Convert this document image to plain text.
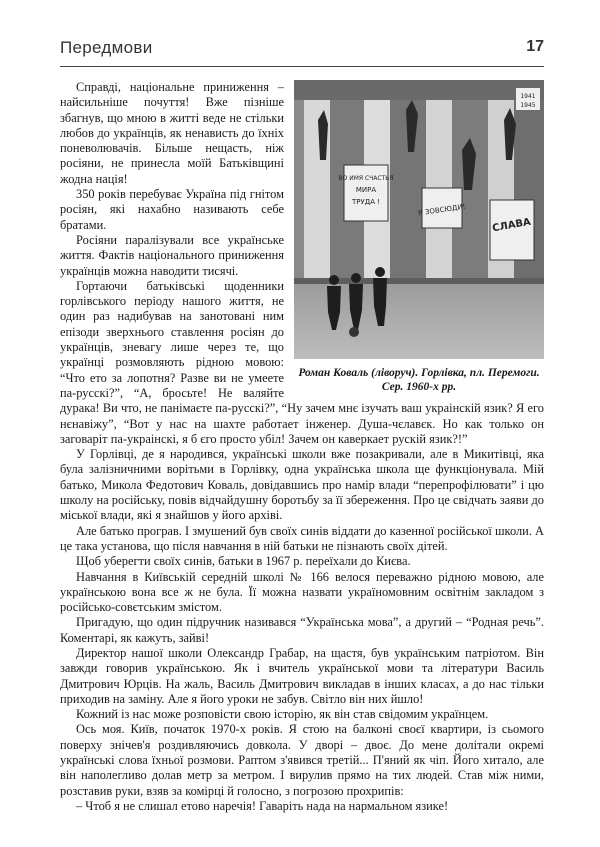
Передмови	17
ВО ИМЯ СЧАСТЬЯ
МИРА
ТРУДА !
Я ЗОВСЮДИ!
СЛАВА
1941
1945
Роман Коваль (ліворуч). Горлівка, пл. Перемоги. Сер. 1960-х рр.

Справді, національне приниження – найсильніше почуття! Вже пізніше збагнув, що мною в житті веде не стільки любов до українців, як ненависть до їхніх поневолювачів. Більше нещасть, ніж росіяни, не принесла моїй Батьківщині жодна нація!

350 років перебуває Україна під гнітом росіян, які нахабно називають себе братами.

Росіяни паралізували все українське життя. Фактів національного приниження українців можна наводити тисячі.

Гортаючи батьківські щоденники горлівського періоду нашого життя, не один раз надибував на занотовані ним епізоди зверхнього ставлення росіян до українців, зневагу лише через те, що українці розмовляють рідною мовою: “Что ето за лопотня? Разве ви не умеете па-русскі?”, “А, бросьте! Не валяйте дурака! Ви что, не панімаєте па-русскі?”, “Ну зачем мнє ізучать ваш украінскій язик? Я его нєнавіжу”, “Вот у нас на шахте работает інженер. Душа-чєлавєк. Но как только он заговаріт па-украінскі, я б єго просто убіл! Зачем он каверкает рускій язик?!”

У Горлівці, де я народився, українські школи вже позакривали, але в Микитівці, яка була залізничними ворітьми в Горлівку, одна українська школа ще функціонувала. Мій батько, Микола Федотович Коваль, довідавшись про намір влади “перепрофілювати” і цю школу на російську, повів відчайдушну боротьбу за її збереження. Про це свідчать заяви до міської влади, які я знайшов у його архіві.

Але батько програв. І змушений був своїх синів віддати до казенної російської школи. А це така установа, що після навчання в ній батьки не пізнають своїх дітей.

Щоб уберегти своїх синів, батьки в 1967 р. переїхали до Києва.

Навчання в Київській середній школі № 166 велося переважно рідною мовою, але українською вона все ж не була. Її можна назвати україномовним освітнім закладом з російсько-совєтським змістом.

Пригадую, що один підручник називався “Українська мова”, а другий – “Родная речь”. Коментарі, як кажуть, зайві!

Директор нашої школи Олександр Грабар, на щастя, був українським патріотом. Він завжди говорив українською. Як і вчитель української мови та літератури Василь Дмитрович Юрців. На жаль, Василь Дмитрович викладав в інших класах, а до нас тільки приходив на заміну. Але я його уроки не забув. Світло він них йшло!

Кожний із нас може розповісти свою історію, як він став свідомим українцем.

Ось моя. Київ, початок 1970-х років. Я стою на балконі своєї квартири, із сьомого поверху знічев'я роздивляючись довкола. У дворі – двоє. До мене долітали окремі українські слова їхньої розмови. Раптом з'явився третій... П'яний як чіп. Його хитало, але він наполегливо долав метр за метром. І вирулив прямо на тих людей. Став між ними, розставив руки, взяв за комірці й голосно, з погрозою прохрипів:

– Чтоб я не слишал етово наречія! Гаваріть нада на нармальном язике!
